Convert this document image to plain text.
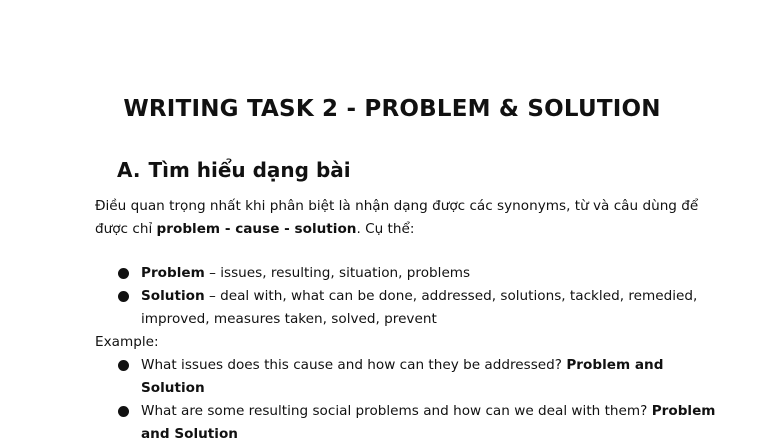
WRITING TASK 2 - PROBLEM & SOLUTION
A. Tìm hiểu dạng bài
Điều quan trọng nhất khi phân biệt là nhận dạng được các synonyms, từ và câu dùng để được chỉ problem - cause - solution. Cụ thể:
Problem – issues, resulting, situation, problems
Solution – deal with, what can be done, addressed, solutions, tackled, remedied, improved, measures taken, solved, prevent
Example:
What issues does this cause and how can they be addressed? Problem and Solution
What are some resulting social problems and how can we deal with them? Problem and Solution
